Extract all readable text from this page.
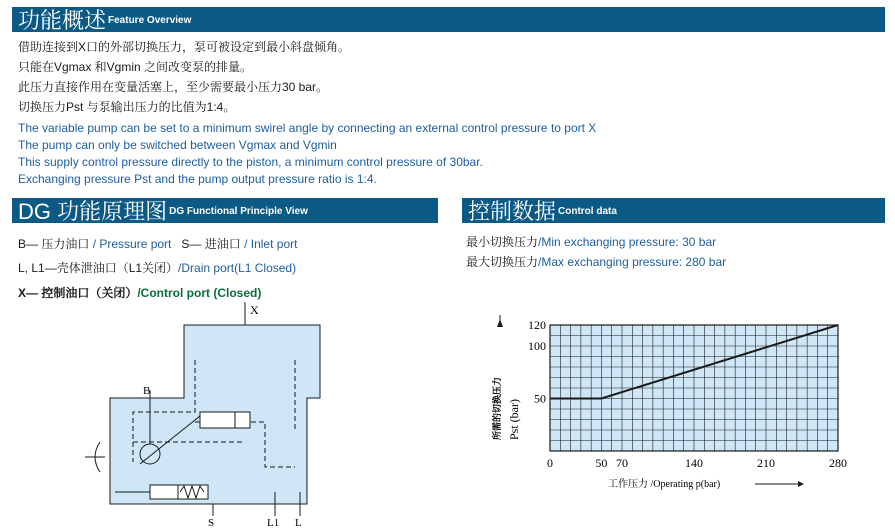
功能概述 Feature Overview
借助连接到X口的外部切换压力，泵可被设定到最小斜盘倾角。
只能在Vgmax 和Vgmin 之间改变泵的排量。
此压力直接作用在变量活塞上，至少需要最小压力30 bar。
切换压力Pst 与泵输出压力的比值为1:4。
The variable pump can be set to a minimum swirel angle by connecting an external control pressure to port X
The pump can only be switched between Vgmax and Vgmin
This supply control pressure directly to the piston, a minimum control pressure of 30bar.
Exchanging pressure Pst and the pump output pressure ratio is 1:4.
DG 功能原理图 DG Functional Principle View
B— 压力油口 / Pressure port S— 进油口 / Inlet port
L, L1—壳体泄油口（L1关闭）/Drain port(L1 Closed)
X— 控制油口（关闭）/Control port (Closed)
X
B
S	L1 L
控制数据 Control data
最小切换压力/Min exchanging pressure: 30 bar
最大切换压力/Max exchanging pressure: 280 bar
0	50 70	140	210	280
50
100
120
所需的切换压力 Pst (bar)
工作压力 /Operating p(bar)
